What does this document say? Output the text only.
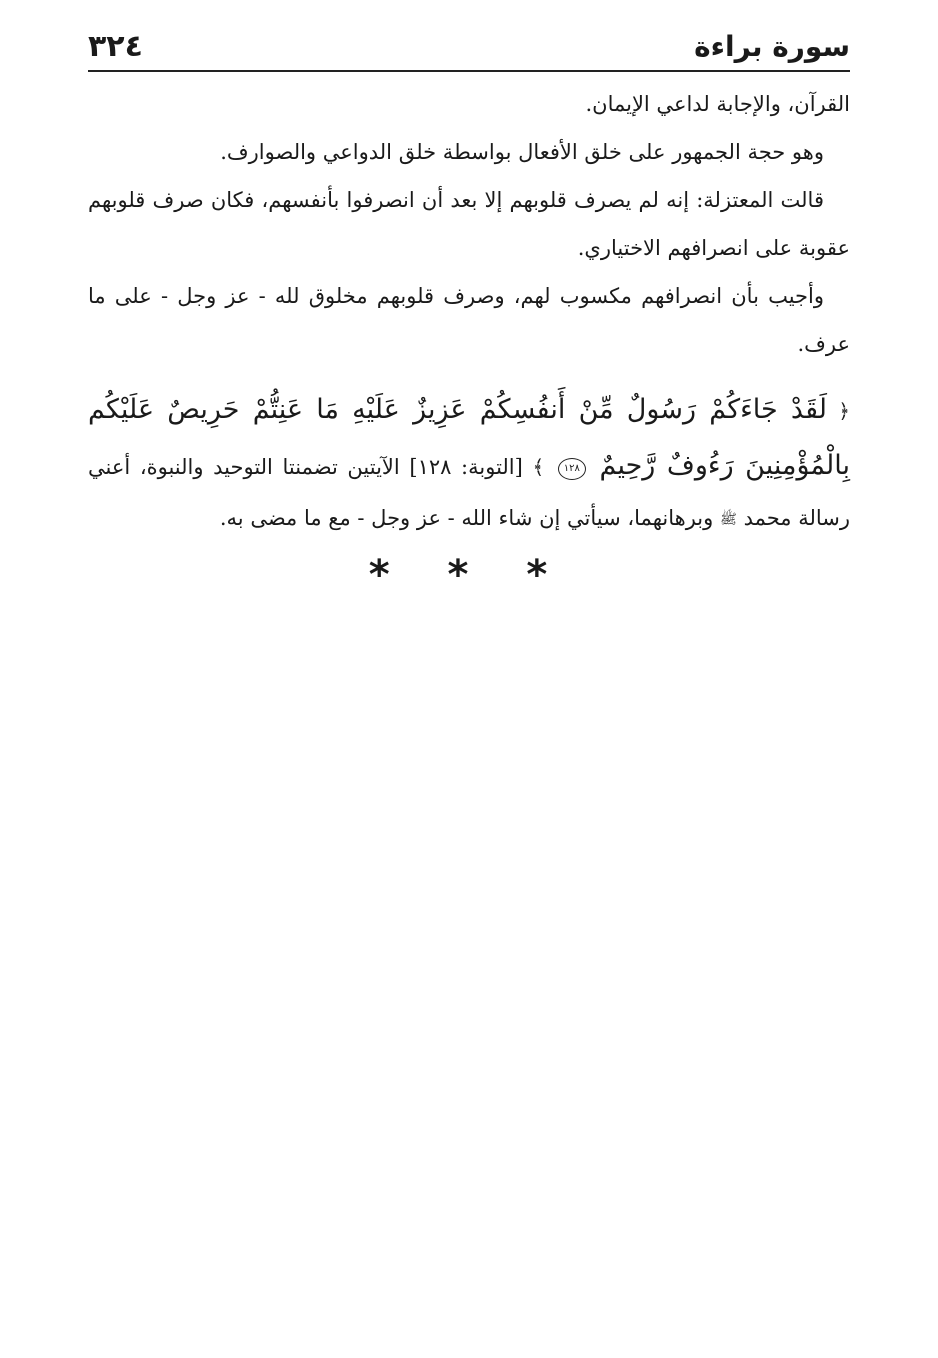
سورة براءة
٣٢٤

القرآن، والإجابة لداعي الإيمان.

وهو حجة الجمهور على خلق الأفعال بواسطة خلق الدواعي والصوارف.

قالت المعتزلة: إنه لم يصرف قلوبهم إلا بعد أن انصرفوا بأنفسهم، فكان صرف قلوبهم عقوبة على انصرافهم الاختياري.

وأجيب بأن انصرافهم مكسوب لهم، وصرف قلوبهم مخلوق لله - عز وجل - على ما عرف.

﴿ لَقَدْ جَاءَكُمْ رَسُولٌ مِّنْ أَنفُسِكُمْ عَزِيزٌ عَلَيْهِ مَا عَنِتُّمْ حَرِيصٌ عَلَيْكُم بِالْمُؤْمِنِينَ رَءُوفٌ رَّحِيمٌ ١٢٨ ﴾ [التوبة: ١٢٨] الآيتين تضمنتا التوحيد والنبوة، أعني رسالة محمد ﷺ وبرهانهما، سيأتي إن شاء الله - عز وجل - مع ما مضى به.
* * *
